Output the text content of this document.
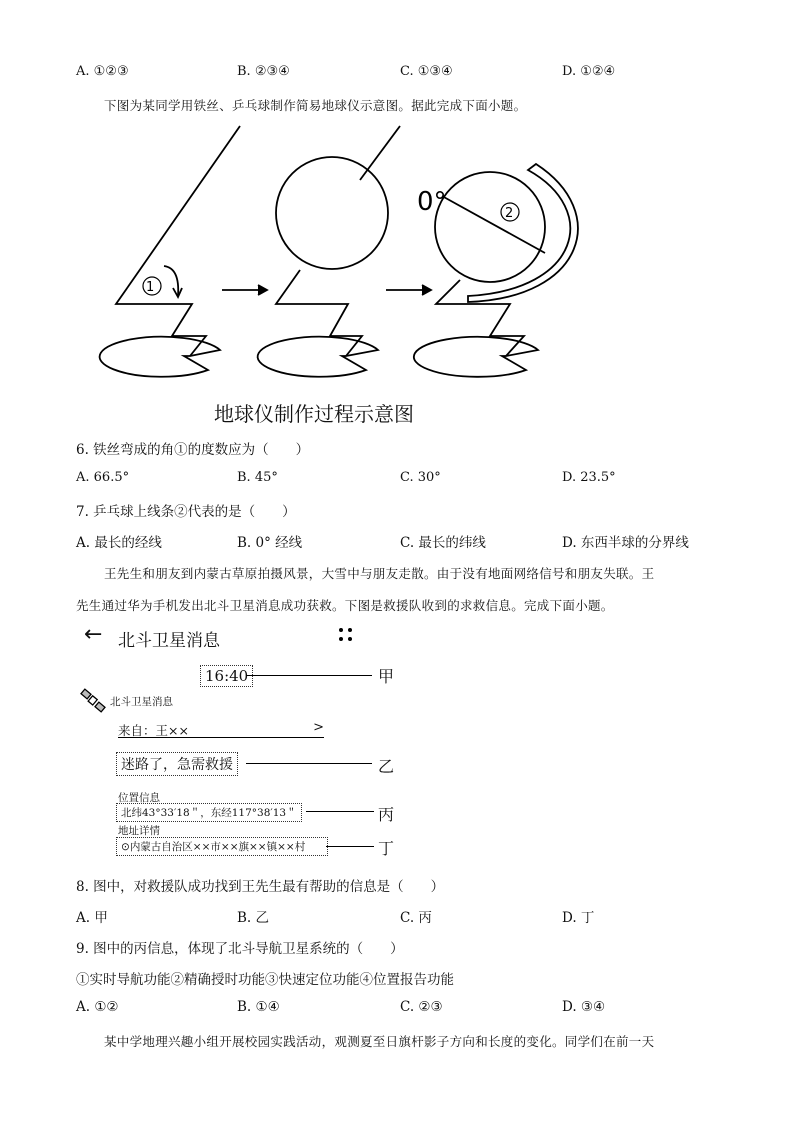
A. ①②③	B. ②③④	C. ①③④	D. ①②④
下图为某同学用铁丝、乒乓球制作简易地球仪示意图。据此完成下面小题。
1
2
0°
地球仪制作过程示意图
6. 铁丝弯成的角①的度数应为（　　）
A. 66.5°	B. 45°	C. 30°	D. 23.5°
7. 乒乓球上线条②代表的是（　　）
A. 最长的经线	B. 0° 经线	C. 最长的纬线	D. 东西半球的分界线
王先生和朋友到内蒙古草原拍摄风景，大雪中与朋友走散。由于没有地面网络信号和朋友失联。王
先生通过华为手机发出北斗卫星消息成功获救。下图是救援队收到的求救信息。完成下面小题。
← 北斗卫星消息
16:40	甲
北斗卫星消息
来自：王××	>
迷路了，急需救援	乙
位置信息
北纬43°33′18＂，东经117°38′13＂	丙
地址详情
⊙内蒙古自治区××市××旗××镇××村	丁
8. 图中，对救援队成功找到王先生最有帮助的信息是（　　）
A. 甲	B. 乙	C. 丙	D. 丁
9. 图中的丙信息，体现了北斗导航卫星系统的（　　）
①实时导航功能②精确授时功能③快速定位功能④位置报告功能
A. ①②	B. ①④	C. ②③	D. ③④
某中学地理兴趣小组开展校园实践活动，观测夏至日旗杆影子方向和长度的变化。同学们在前一天
